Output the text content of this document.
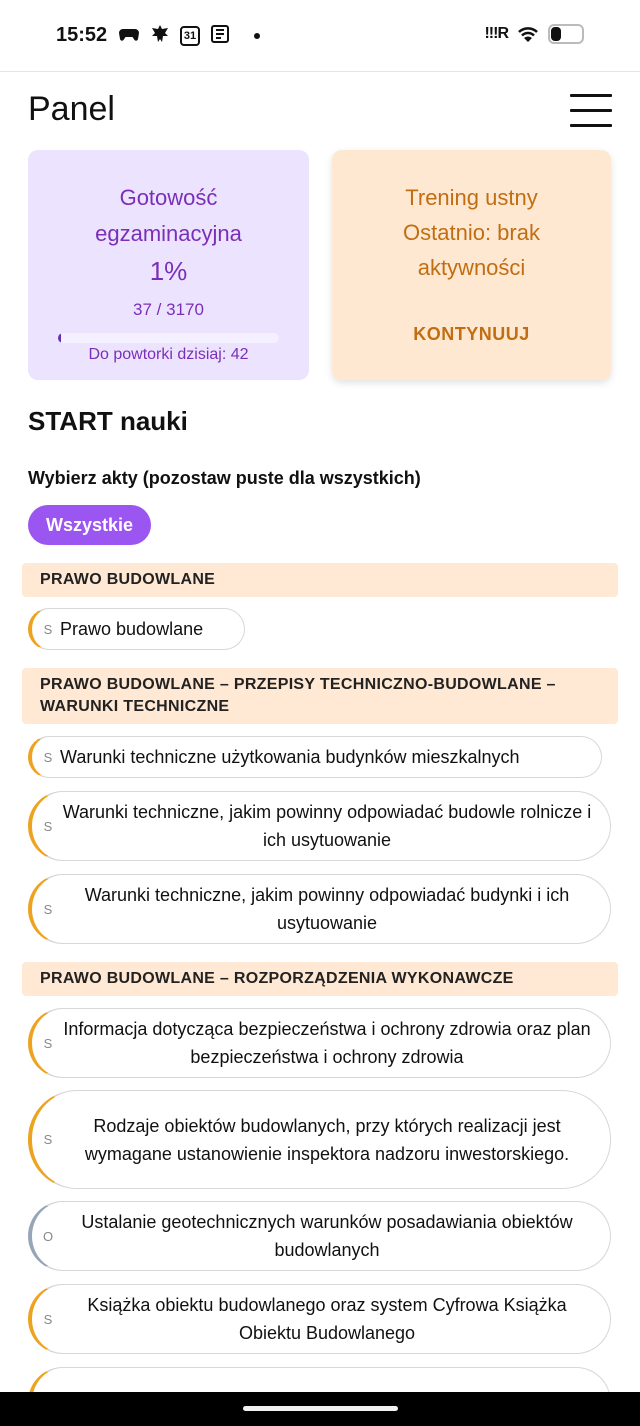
15:52	31	!!!R
Panel
Gotowość egzaminacyjna
1%
37 / 3170
Do powtorki dzisiaj: 42
Trening ustny
Ostatnio: brak aktywności
KONTYNUUJ
START nauki
Wybierz akty (pozostaw puste dla wszystkich)
Wszystkie
PRAWO BUDOWLANE
S Prawo budowlane
PRAWO BUDOWLANE – PRZEPISY TECHNICZNO-BUDOWLANE – WARUNKI TECHNICZNE
S Warunki techniczne użytkowania budynków mieszkalnych
S
Warunki techniczne, jakim powinny odpowiadać budowle rolnicze i ich usytuowanie
S
Warunki techniczne, jakim powinny odpowiadać budynki i ich usytuowanie
PRAWO BUDOWLANE – ROZPORZĄDZENIA WYKONAWCZE
S
Informacja dotycząca bezpieczeństwa i ochrony zdrowia oraz plan bezpieczeństwa i ochrony zdrowia
S
Rodzaje obiektów budowlanych, przy których realizacji jest wymagane ustanowienie inspektora nadzoru inwestorskiego.
O
Ustalanie geotechnicznych warunków posadawiania obiektów budowlanych
S
Książka obiektu budowlanego oraz system Cyfrowa Książka Obiektu Budowlanego
